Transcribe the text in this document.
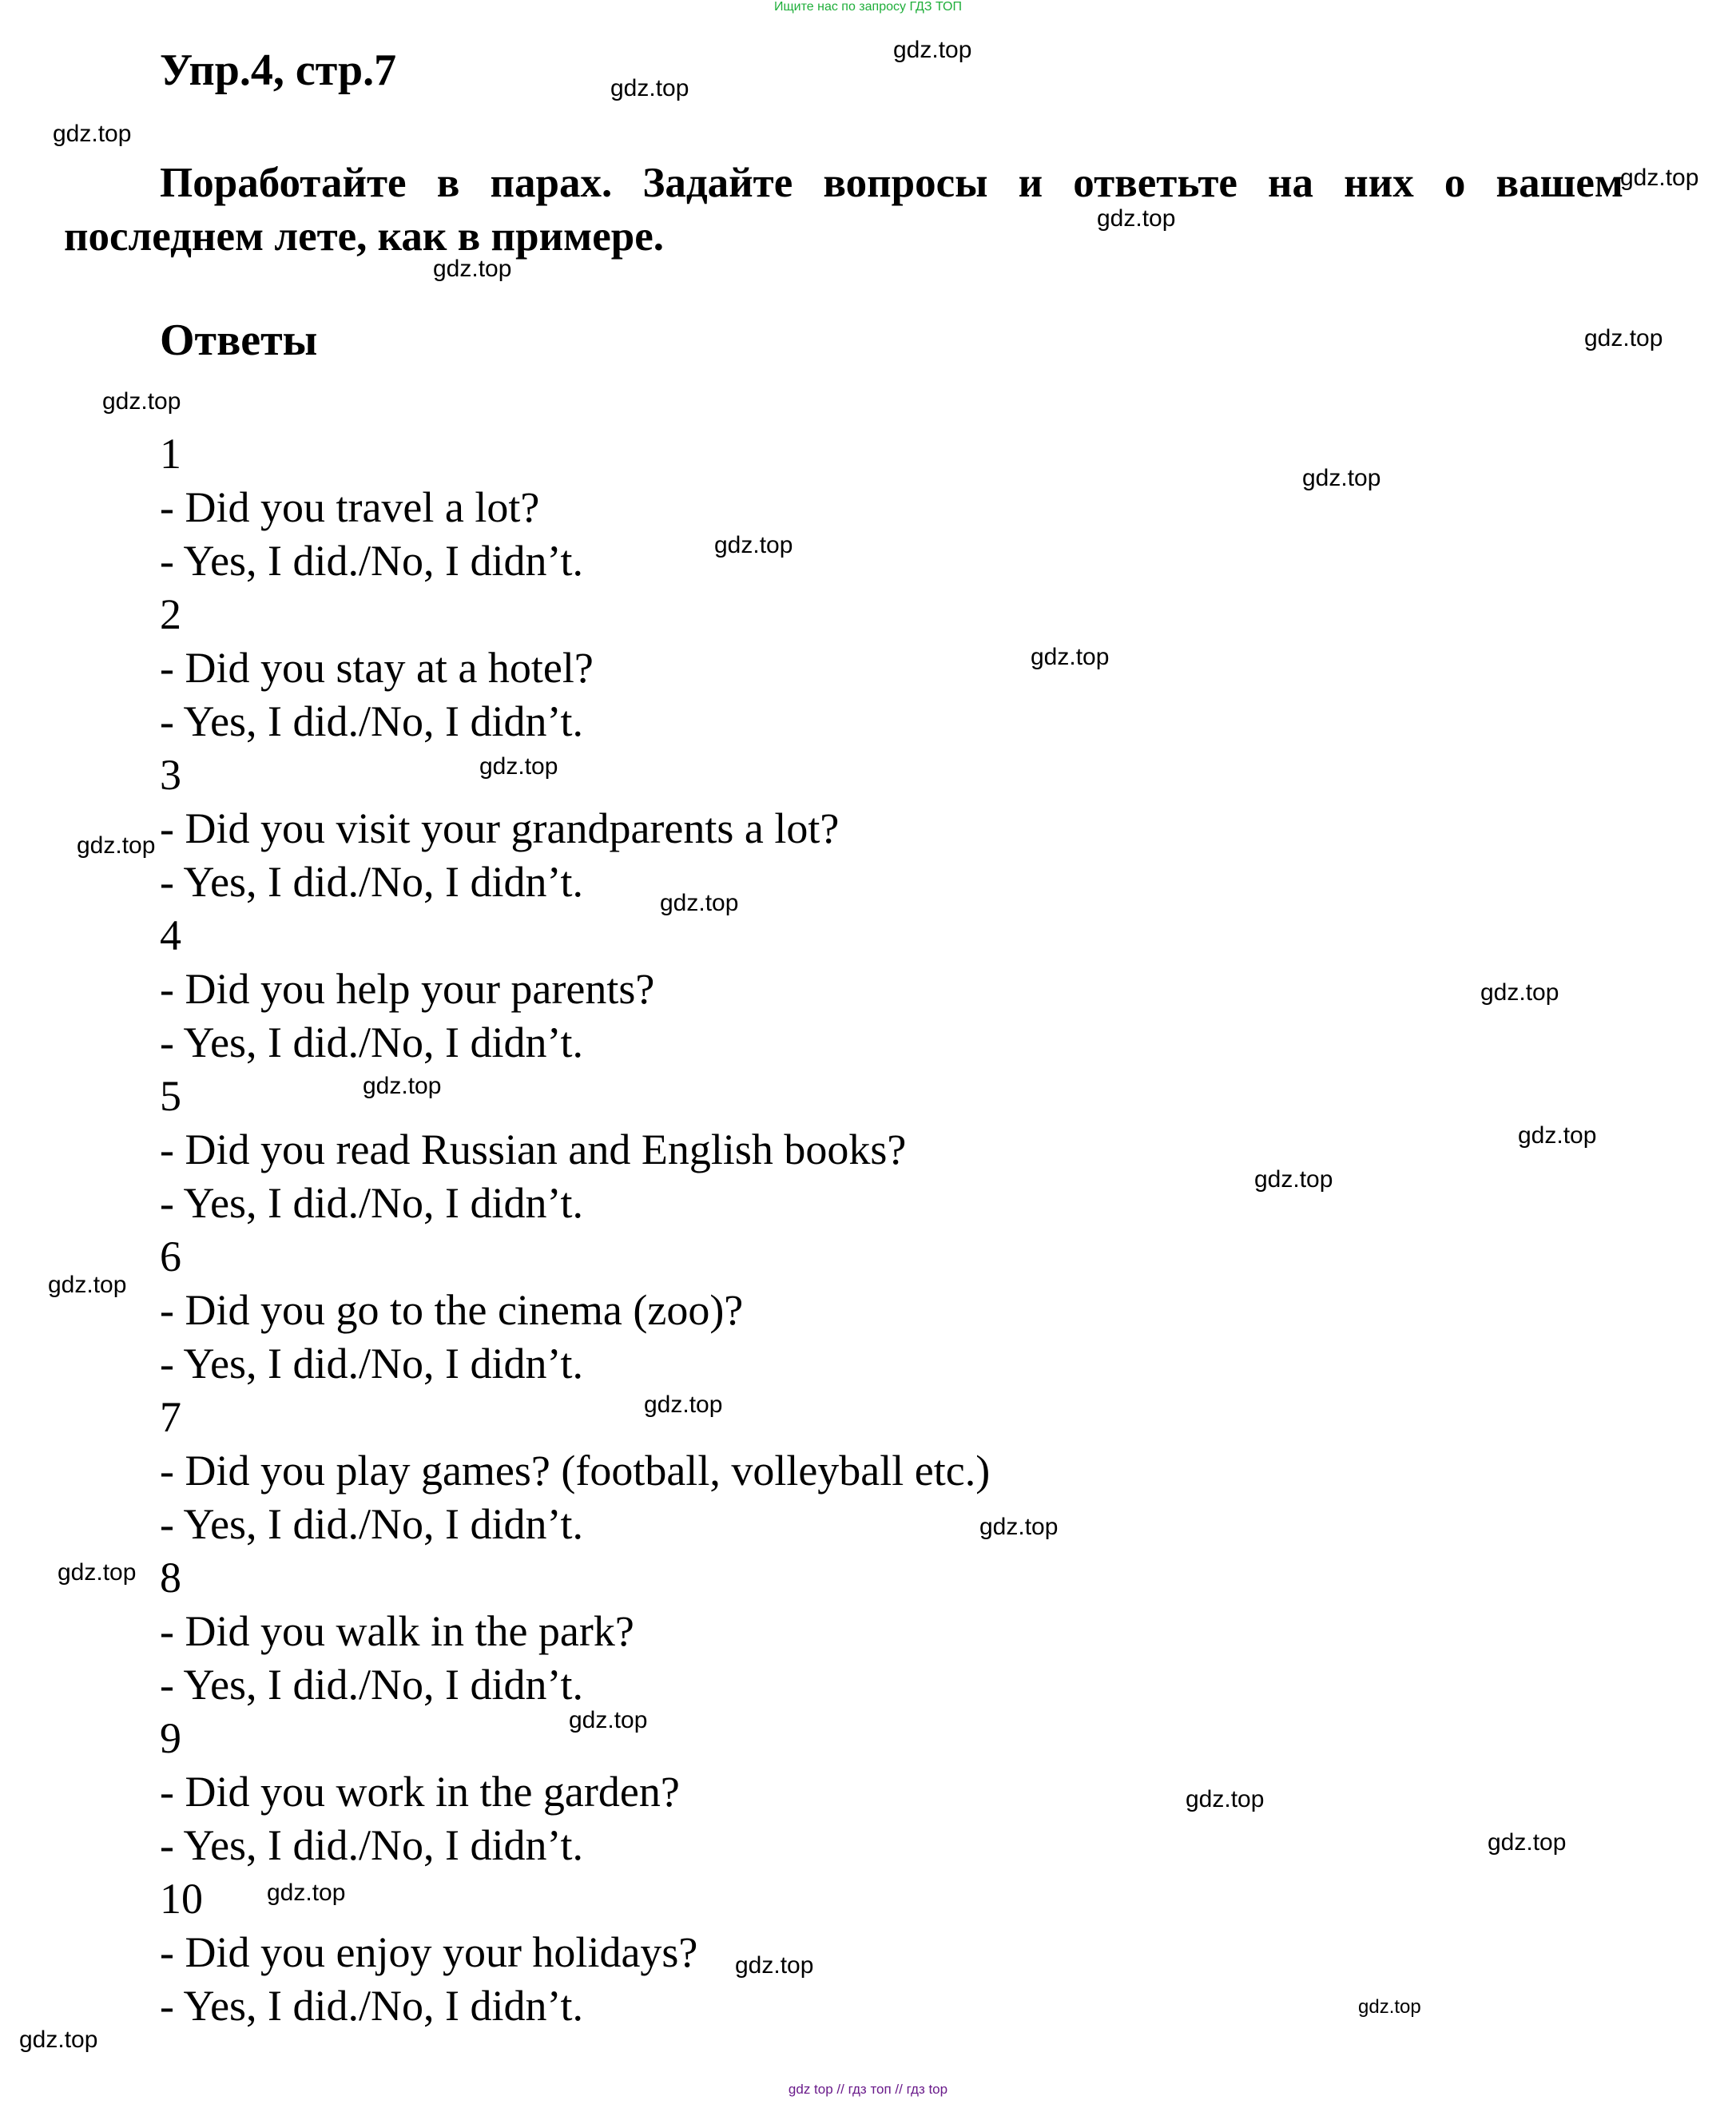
Ищите нас по запросу ГДЗ ТОП
Упр.4, стр.7

Поработайте в парах. Задайте вопросы и ответьте на них о вашем последнем лете, как в примере.

Ответы
1
- Did you travel a lot?
- Yes, I did./No, I didn’t.
2
- Did you stay at a hotel?
- Yes, I did./No, I didn’t.
3
- Did you visit your grandparents a lot?
- Yes, I did./No, I didn’t.
4
- Did you help your parents?
- Yes, I did./No, I didn’t.
5
- Did you read Russian and English books?
- Yes, I did./No, I didn’t.
6
- Did you go to the cinema (zoo)?
- Yes, I did./No, I didn’t.
7
- Did you play games? (football, volleyball etc.)
- Yes, I did./No, I didn’t.
8
- Did you walk in the park?
- Yes, I did./No, I didn’t.
9
- Did you work in the garden?
- Yes, I did./No, I didn’t.
10
- Did you enjoy your holidays?
- Yes, I did./No, I didn’t.
gdz.top
gdz.top
gdz.top
gdz.top
gdz.top
gdz.top
gdz.top
gdz.top
gdz.top
gdz.top
gdz.top
gdz.top
gdz.top
gdz.top
gdz.top
gdz.top
gdz.top
gdz.top
gdz.top
gdz.top
gdz.top
gdz.top
gdz.top
gdz.top
gdz.top
gdz.top
gdz.top
gdz.top
gdz.top
gdz top // гдз топ // гдз top
